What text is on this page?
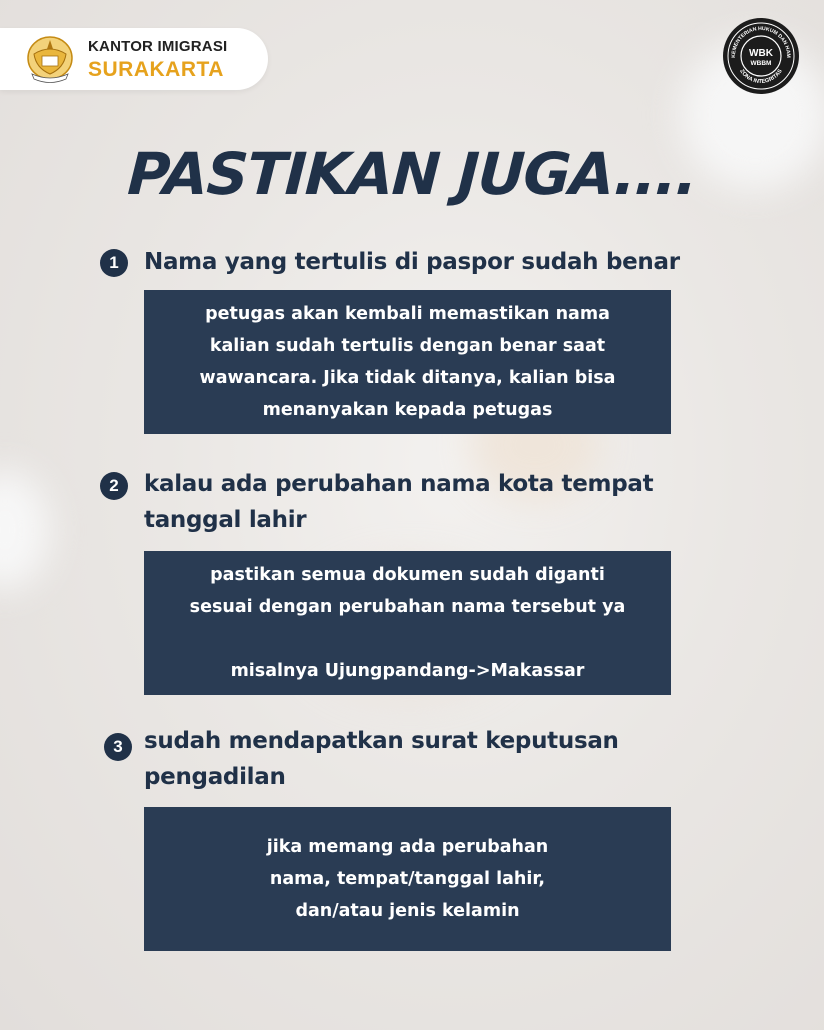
KANTOR IMIGRASI
SURAKARTA
KEMENTERIAN HUKUM DAN HAM
ZONA INTEGRITAS
WBK
WBBM
PASTIKAN JUGA....
1	Nama yang tertulis di paspor sudah benar
petugas akan kembali memastikan nama
kalian sudah tertulis dengan benar saat
wawancara. Jika tidak ditanya, kalian bisa
menanyakan kepada petugas
2	kalau ada perubahan nama kota tempat
tanggal lahir
pastikan semua dokumen sudah diganti
sesuai dengan perubahan nama tersebut ya

misalnya Ujungpandang->Makassar
3 sudah mendapatkan surat keputusan
pengadilan
jika memang ada perubahan
nama, tempat/tanggal lahir,
dan/atau jenis kelamin
